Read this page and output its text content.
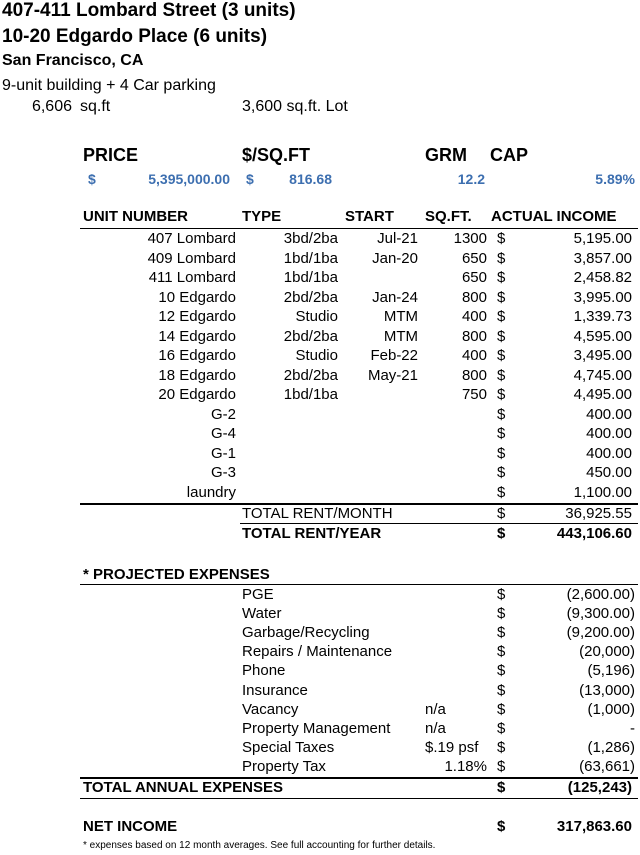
407-411 Lombard Street (3 units)
10-20 Edgardo Place (6 units)
San Francisco, CA
9-unit building + 4 Car parking
6,606 sq.ft	3,600 sq.ft. Lot
PRICE	$/SQ.FT	GRM CAP
$	5,395,000.00 $	816.68	12.2	5.89%
UNIT NUMBER	TYPE	START SQ.FT. ACTUAL INCOME
407 Lombard	3bd/2ba	Jul-21	1300 $	5,195.00
409 Lombard	1bd/1ba	Jan-20	650 $	3,857.00
411 Lombard	1bd/1ba	650 $	2,458.82
10 Edgardo	2bd/2ba	Jan-24	800 $	3,995.00
12 Edgardo	Studio	MTM	400 $	1,339.73
14 Edgardo	2bd/2ba	MTM	800 $	4,595.00
16 Edgardo	Studio	Feb-22	400 $	3,495.00
18 Edgardo	2bd/2ba	May-21	800 $	4,745.00
20 Edgardo	1bd/1ba	750 $	4,495.00
G-2	$	400.00
G-4	$	400.00
G-1	$	400.00
G-3	$	450.00
laundry	$	1,100.00
TOTAL RENT/MONTH	$	36,925.55
TOTAL RENT/YEAR	$	443,106.60
* PROJECTED EXPENSES
PGE	$	(2,600.00)
Water	$	(9,300.00)
Garbage/Recycling	$	(9,200.00)
Repairs / Maintenance	$	(20,000)
Phone	$	(5,196)
Insurance	$	(13,000)
Vacancy	n/a	$	(1,000)
Property Management n/a	$	-
Special Taxes	$.19 psf	$	(1,286)
Property Tax	1.18% $	(63,661)
TOTAL ANNUAL EXPENSES	$	(125,243)
NET INCOME	$	317,863.60
* expenses based on 12 month averages. See full accounting for further details.
